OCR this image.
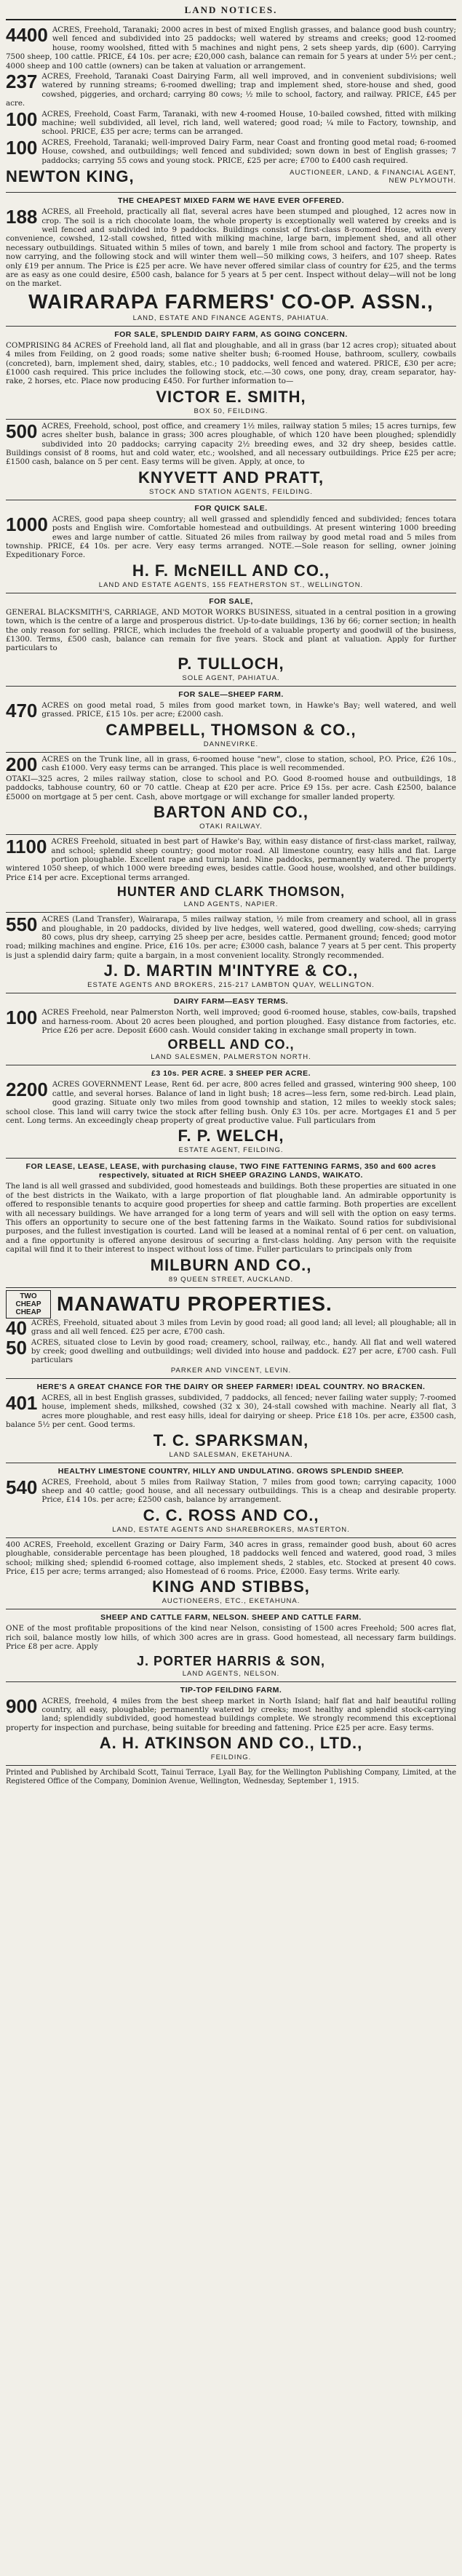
LAND NOTICES.
4400 ACRES, Freehold, Taranaki; 2000 acres in best of mixed English grasses, and balance good bush country; well fenced and subdivided into 25 paddocks; well watered by streams and creeks; good 12-roomed house, roomy woolshed, fitted with 5 machines and night pens, 2 sets sheep yards, dip (600). Carrying 7500 sheep, 100 cattle. PRICE, £4 10s. per acre; £20,000 cash, balance can remain for 5 years at under 5½ per cent.; 4000 sheep and 100 cattle (owners) can be taken at valuation or arrangement.
237 ACRES, Freehold, Taranaki Coast Dairying Farm, all well improved, and in convenient subdivisions; well watered by running streams; 6-roomed dwelling; trap and implement shed, store-house and shed, good cowshed, piggeries, and orchard; carrying 80 cows; ½ mile to school, factory, and railway. PRICE, £45 per acre.
100 ACRES, Freehold, Coast Farm, Taranaki, with new 4-roomed House, 10-bailed cowshed, fitted with milking machine; well subdivided, all level, rich land, well watered; good road; ¼ mile to Factory, township, and school. PRICE, £35 per acre; terms can be arranged.
100 ACRES, Freehold, Taranaki; well-improved Dairy Farm, near Coast and fronting good metal road; 6-roomed House, cowshed, and outbuildings; well fenced and subdivided; sown down in best of English grasses; 7 paddocks; carrying 55 cows and young stock. PRICE, £25 per acre; £700 to £400 cash required.
NEWTON KING,	AUCTIONEER, LAND, & FINANCIAL AGENT, NEW PLYMOUTH.
THE CHEAPEST MIXED FARM WE HAVE EVER OFFERED.
188 ACRES, all Freehold, practically all flat, several acres have been stumped and ploughed, 12 acres now in crop. The soil is a rich chocolate loam, the whole property is exceptionally well watered by creeks and is well fenced and subdivided into 9 paddocks. Buildings consist of first-class 8-roomed House, with every convenience, cowshed, 12-stall cowshed, fitted with milking machine, large barn, implement shed, and all other necessary outbuildings. Situated within 5 miles of town, and barely 1 mile from school and factory. The property is now carrying, and the following stock and will winter them well—50 milking cows, 3 heifers, and 107 sheep. Rates only £19 per annum. The Price is £25 per acre. We have never offered similar class of country for £25, and the terms are as easy as one could desire, £500 cash, balance for 5 years at 5 per cent. Inspect without delay—will not be long on the market.
WAIRARAPA FARMERS' CO-OP. ASSN.,
LAND, ESTATE AND FINANCE AGENTS, PAHIATUA.
FOR SALE, SPLENDID DAIRY FARM, AS GOING CONCERN.
COMPRISING 84 ACRES of Freehold land, all flat and ploughable, and all in grass (bar 12 acres crop); situated about 4 miles from Feilding, on 2 good roads; some native shelter bush; 6-roomed House, bathroom, scullery, cowbails (concreted), barn, implement shed, dairy, stables, etc.; 10 paddocks, well fenced and watered. PRICE, £30 per acre; £1000 cash required. This price includes the following stock, etc.—30 cows, one pony, dray, cream separator, hay-rake, 2 horses, etc. Place now producing £450. For further information to—
VICTOR E. SMITH,
BOX 50, FEILDING.
500 ACRES, Freehold, school, post office, and creamery 1½ miles, railway station 5 miles; 15 acres turnips, few acres shelter bush, balance in grass; 300 acres ploughable, of which 120 have been ploughed; splendidly subdivided into 20 paddocks; carrying capacity 2½ breeding ewes, and 32 dry sheep, besides cattle. Buildings consist of 8 rooms, hut and cold water, etc.; woolshed, and all necessary outbuildings. Price £25 per acre; £1500 cash, balance on 5 per cent. Easy terms will be given. Apply, at once, to
KNYVETT AND PRATT,
STOCK AND STATION AGENTS, FEILDING.
FOR QUICK SALE.
1000 ACRES, good papa sheep country; all well grassed and splendidly fenced and subdivided; fences totara posts and English wire. Comfortable homestead and outbuildings. At present wintering 1000 breeding ewes and large number of cattle. Situated 26 miles from railway by good metal road and 5 miles from township. PRICE, £4 10s. per acre. Very easy terms arranged. NOTE.—Sole reason for selling, owner joining Expeditionary Force.
H. F. McNEILL AND CO.,
LAND AND ESTATE AGENTS, 155 FEATHERSTON ST., WELLINGTON.
FOR SALE,
GENERAL BLACKSMITH'S, CARRIAGE, AND MOTOR WORKS BUSINESS, situated in a central position in a growing town, which is the centre of a large and prosperous district. Up-to-date buildings, 136 by 66; corner section; in health the only reason for selling. PRICE, which includes the freehold of a valuable property and goodwill of the business, £1300. Terms, £500 cash, balance can remain for five years. Stock and plant at valuation. Apply for further particulars to
P. TULLOCH,
SOLE AGENT, PAHIATUA.
FOR SALE—SHEEP FARM.
470 ACRES on good metal road, 5 miles from good market town, in Hawke's Bay; well watered, and well grassed. PRICE, £15 10s. per acre; £2000 cash.
CAMPBELL, THOMSON & CO.,
DANNEVIRKE.
200 ACRES on the Trunk line, all in grass, 6-roomed house "new", close to station, school, P.O. Price, £26 10s., cash £1000. Very easy terms can be arranged. This place is well recommended.
OTAKI—325 acres, 2 miles railway station, close to school and P.O. Good 8-roomed house and outbuildings, 18 paddocks, tabhouse country, 60 or 70 cattle. Cheap at £20 per acre. Price £9 15s. per acre. Cash £2500, balance £5000 on mortgage at 5 per cent. Cash, above mortgage or will exchange for smaller landed property.
BARTON AND CO.,
OTAKI RAILWAY.
1100 ACRES Freehold, situated in best part of Hawke's Bay, within easy distance of first-class market, railway, and school; splendid sheep country; good motor road. All limestone country, easy hills and flat. Large portion ploughable. Excellent rape and turnip land. Nine paddocks, permanently watered. The property wintered 1050 sheep, of which 1000 were breeding ewes, besides cattle. Good house, woolshed, and other buildings. Price £14 per acre. Exceptional terms arranged.
HUNTER AND CLARK THOMSON,
LAND AGENTS, NAPIER.
550 ACRES (Land Transfer), Wairarapa, 5 miles railway station, ½ mile from creamery and school, all in grass and ploughable, in 20 paddocks, divided by live hedges, well watered, good dwelling, cow-sheds; carrying 80 cows, plus dry sheep, carrying 25 sheep per acre, besides cattle. Permanent ground; fenced; good motor road; milking machines and engine. Price, £16 10s. per acre; £3000 cash, balance 7 years at 5 per cent. This property is just a splendid dairy farm; quite a bargain, in a most convenient locality. Strongly recommended.
J. D. MARTIN M'INTYRE & CO.,
ESTATE AGENTS AND BROKERS, 215-217 LAMBTON QUAY, WELLINGTON.
DAIRY FARM—EASY TERMS.
100 ACRES Freehold, near Palmerston North, well improved; good 6-roomed house, stables, cow-bails, trapshed and harness-room. About 20 acres been ploughed, and portion ploughed. Easy distance from factories, etc. Price £26 per acre. Deposit £600 cash. Would consider taking in exchange small property in town.
ORBELL AND CO.,
LAND SALESMEN, PALMERSTON NORTH.
£3 10s. PER ACRE. 3 SHEEP PER ACRE.
2200 ACRES GOVERNMENT Lease, Rent 6d. per acre, 800 acres felled and grassed, wintering 900 sheep, 100 cattle, and several horses. Balance of land in light bush; 18 acres—less fern, some red-birch. Lead plain, good grazing. Situate only two miles from good township and station, 12 miles to weekly stock sales; school close. This land will carry twice the stock after felling bush. Only £3 10s. per acre. Mortgages £1 and 5 per cent. Long terms. An exceedingly cheap property of great productive value. Full particulars from
F. P. WELCH,
ESTATE AGENT, FEILDING.
FOR LEASE, LEASE, LEASE, with purchasing clause, TWO FINE FATTENING FARMS, 350 and 600 acres respectively, situated at RICH SHEEP GRAZING LANDS, WAIKATO.
The land is all well grassed and subdivided, good homesteads and buildings. Both these properties are situated in one of the best districts in the Waikato, with a large proportion of flat ploughable land. An admirable opportunity is offered to responsible tenants to acquire good properties for sheep and cattle farming. Both properties are excellent with all necessary buildings. We have arranged for a long term of years and will sell with the option on easy terms. This offers an opportunity to secure one of the best fattening farms in the Waikato. Sound ratios for subdivisional purposes, and the fullest investigation is courted. Land will be leased at a nominal rental of 6 per cent. on valuation, and a fine opportunity is offered anyone desirous of securing a first-class holding. Any person with the requisite capital will find it to their interest to inspect without loss of time. Fuller particulars to principals only from
MILBURN AND CO.,
89 QUEEN STREET, AUCKLAND.
TWO CHEAP CHEAP MANAWATU PROPERTIES.
40 ACRES, Freehold, situated about 3 miles from Levin by good road; all good land; all level; all ploughable; all in grass and all well fenced. £25 per acre, £700 cash.
50 ACRES, situated close to Levin by good road; creamery, school, railway, etc., handy. All flat and well watered by creek; good dwelling and outbuildings; well divided into house and paddock. £27 per acre, £700 cash. Full particulars
PARKER AND VINCENT, LEVIN.
HERE'S A GREAT CHANCE FOR THE DAIRY OR SHEEP FARMER! IDEAL COUNTRY. NO BRACKEN.
401 ACRES, all in best English grasses, subdivided, 7 paddocks, all fenced; never failing water supply; 7-roomed house, implement sheds, milkshed, cowshed (32 x 30), 24-stall cowshed with machine. Nearly all flat, 3 acres more ploughable, and rest easy hills, ideal for dairying or sheep. Price £18 10s. per acre, £3500 cash, balance 5½ per cent. Good terms.
T. C. SPARKSMAN,
LAND SALESMAN, EKETAHUNA.
HEALTHY LIMESTONE COUNTRY, HILLY AND UNDULATING. GROWS SPLENDID SHEEP.
540 ACRES, Freehold, about 5 miles from Railway Station, 7 miles from good town; carrying capacity, 1000 sheep and 40 cattle; good house, and all necessary outbuildings. This is a cheap and desirable property. Price, £14 10s. per acre; £2500 cash, balance by arrangement.
C. C. ROSS AND CO.,
LAND, ESTATE AGENTS AND SHAREBROKERS, MASTERTON.
400 ACRES, Freehold, excellent Grazing or Dairy Farm, 340 acres in grass, remainder good bush, about 60 acres ploughable, considerable percentage has been ploughed, 18 paddocks well fenced and watered, good road, 3 miles school; milking shed; splendid 6-roomed cottage, also implement sheds, 2 stables, etc. Stocked at present 40 cows. Price, £15 per acre; terms arranged; also Homestead of 6 rooms. Price, £2000. Easy terms. Write early.
KING AND STIBBS,
AUCTIONEERS, ETC., EKETAHUNA.
SHEEP AND CATTLE FARM, NELSON. SHEEP AND CATTLE FARM.
ONE of the most profitable propositions of the kind near Nelson, consisting of 1500 acres Freehold; 500 acres flat, rich soil, balance mostly low hills, of which 300 acres are in grass. Good homestead, all necessary farm buildings. Price £8 per acre. Apply
J. PORTER HARRIS & SON,
LAND AGENTS, NELSON.
TIP-TOP FEILDING FARM.
900 ACRES, freehold, 4 miles from the best sheep market in North Island; half flat and half beautiful rolling country, all easy, ploughable; permanently watered by creeks; most healthy and splendid stock-carrying land; splendidly subdivided, good homestead buildings complete. We strongly recommend this exceptional property for inspection and purchase, being suitable for breeding and fattening. Price £25 per acre. Easy terms.
A. H. ATKINSON AND CO., LTD.,
FEILDING.
Printed and Published by Archibald Scott, Tainui Terrace, Lyall Bay, for the Wellington Publishing Company, Limited, at the Registered Office of the Company, Dominion Avenue, Wellington, Wednesday, September 1, 1915.
